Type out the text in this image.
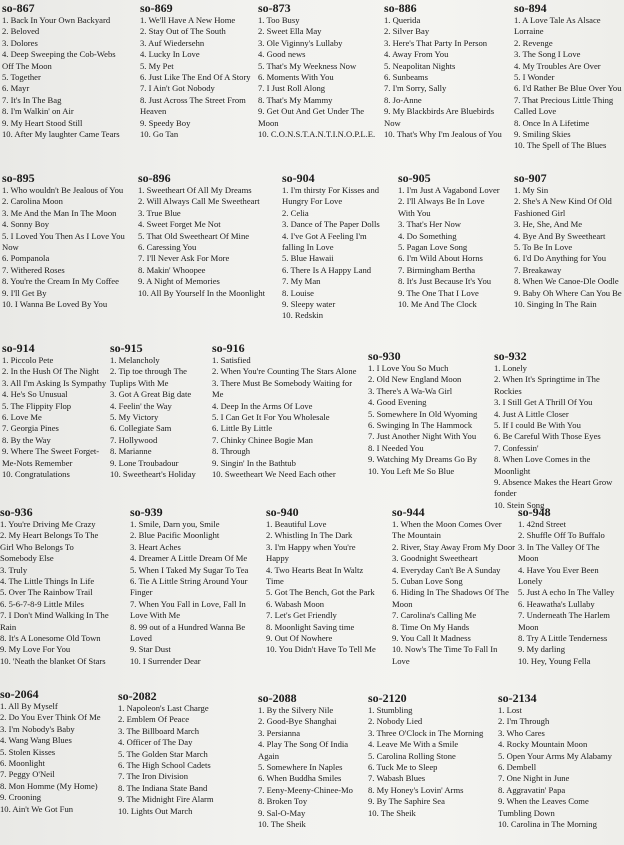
so-867
1. Back In Your Own Backyard
2. Beloved
3. Dolores
4. Deep Sweeping the Cob-Webs Off The Moon
5. Together
6. Mayr
7. It's In The Bag
8. I'm Walkin' on Air
9. My Heart Stood Still
10. After My laughter Came Tears
so-869
1. We'll Have A New Home
2. Stay Out of The South
3. Auf Wiedersehn
4. Lucky In Love
5. My Pet
6. Just Like The End Of A Story
7. I Ain't Got Nobody
8. Just Across The Street From Heaven
9. Speedy Boy
10. Go Tan
so-873
1. Too Busy
2. Sweet Ella May
3. Ole Viginny's Lullaby
4. Good news
5. That's My Weekness Now
6. Moments With You
7. I Just Roll Along
8. That's My Mammy
9. Get Out And Get Under The Moon
10. C.O.N.S.T.A.N.T.I.N.O.P.L.E.
so-886
1. Querida
2. Silver Bay
3. Here's That Party In Person
4. Away From You
5. Neapolitan Nights
6. Sunbeams
7. I'm Sorry, Sally
8. Jo-Anne
9. My Blackbirds Are Bluebirds Now
10. That's Why I'm Jealous of You
so-894
1. A Love Tale As Alsace Lorraine
2. Revenge
3. The Song I Love
4. My Troubles Are Over
5. I Wonder
6. I'd Rather Be Blue Over You
7. That Precious Little Thing Called Love
8. Once In A Lifetime
9. Smiling Skies
10. The Spell of The Blues
so-895
1. Who wouldn't Be Jealous of You
2. Carolina Moon
3. Me And the Man In The Moon
4. Sonny Boy
5. I Loved You Then As I Love You Now
6. Pompanola
7. Withered Roses
8. You're the Cream In My Coffee
9. I'll Get By
10. I Wanna Be Loved By You
so-896
1. Sweetheart Of All My Dreams
2. Will Always Call Me Sweetheart
3. True Blue
4. Sweet Forget Me Not
5. That Old Sweetheart Of Mine
6. Caressing You
7. I'll Never Ask For More
8. Makin' Whoopee
9. A Night of Memories
10. All By Yourself In the Moonlight
so-904
1. I'm thirsty For Kisses and Hungry For Love
2. Celia
3. Dance of The Paper Dolls
4. I've Got A Feeling I'm falling In Love
5. Blue Hawaii
6. There Is A Happy Land
7. My Man
8. Louise
9. Sleepy water
10. Redskin
so-905
1. I'm Just A Vagabond Lover
2. I'll Always Be In Love With You
3. That's Her Now
4. Do Something
5. Pagan Love Song
6. I'm Wild About Horns
7. Birmingham Bertha
8. It's Just Because It's You
9. The One That I Love
10. Me And The Clock
so-907
1. My Sin
2. She's A New Kind Of Old Fashioned Girl
3. He, She, And Me
4. Bye And By Sweetheart
5. To Be In Love
6. I'd Do Anything for You
7. Breakaway
8. When We Canoe-Dle Oodle
9. Baby Oh Where Can You Be
10. Singing In The Rain
so-914
1. Piccolo Pete
2. In the Hush Of The Night
3. All I'm Asking Is Sympathy
4. He's So Unusual
5. The Flippity Flop
6. Love Me
7. Georgia Pines
8. By the Way
9. Where The Sweet Forget-Me-Nots Remember
10. Congratulations
so-915
1. Melancholy
2. Tip toe through The Tuplips With Me
3. Got A Great Big date
4. Feelin' the Way
5. My Victory
6. Collegiate Sam
7. Hollywood
8. Marianne
9. Lone Troubadour
10. Sweetheart's Holiday
so-916
1. Satisfied
2. When You're Counting The Stars Alone
3. There Must Be Somebody Waiting for Me
4. Deep In the Arms Of Love
5. I Can Get It For You Wholesale
6. Little By Little
7. Chinky Chinee Bogie Man
8. Through
9. Singin' In the Bathtub
10. Sweetheart We Need Each other
so-930
1. I Love You So Much
2. Old New England Moon
3. There's A Wa-Wa Girl
4. Good Evening
5. Somewhere In Old Wyoming
6. Swinging In The Hammock
7. Just Another Night With You
8. I Needed You
9. Watching My Dreams Go By
10. You Left Me So Blue
so-932
1. Lonely
2. When It's Springtime in The Rockies
3. I Still Get A Thrill Of You
4. Just A Little Closer
5. If I could Be With You
6. Be Careful With Those Eyes
7. Confessin'
8. When Love Comes in the Moonlight
9. Absence Makes the Heart Grow fonder
10. Stein Song
so-936
1. You're Driving Me Crazy
2. My Heart Belongs To The Girl Who Belongs To Somebody Else
3. Truly
4. The Little Things In Life
5. Over The Rainbow Trail
6. 5-6-7-8-9 Little Miles
7. I Don't Mind Walking In The Rain
8. It's A Lonesome Old Town
9. My Love For You
10. 'Neath the blanket Of Stars
so-939
1. Smile, Darn you, Smile
2. Blue Pacific Moonlight
3. Heart Aches
4. Dreamer A Little Dream Of Me
5. When I Taked My Sugar To Tea
6. Tie A Little String Around Your Finger
7. When You Fall in Love, Fall In Love With Me
8. 99 out of a Hundred Wanna Be Loved
9. Star Dust
10. I Surrender Dear
so-940
1. Beautiful Love
2. Whistling In The Dark
3. I'm Happy when You're Happy
4. Two Hearts Beat In Waltz Time
5. Got The Bench, Got the Park
6. Wabash Moon
7. Let's Get Friendly
8. Moonlight Saving time
9. Out Of Nowhere
10. You Didn't Have To Tell Me
so-944
1. When the Moon Comes Over The Mountain
2. River, Stay Away From My Door
3. Goodnight Sweetheart
4. Everyday Can't Be A Sunday
5. Cuban Love Song
6. Hiding In The Shadows Of The Moon
7. Carolina's Calling Me
8. Time On My Hands
9. You Call It Madness
10. Now's The Time To Fall In Love
so-948
1. 42nd Street
2. Shuffle Off To Buffalo
3. In The Valley Of The Moon
4. Have You Ever Been Lonely
5. Just A echo In The Valley
6. Heawatha's Lullaby
7. Underneath The Harlem Moon
8. Try A Little Tenderness
9. My darling
10. Hey, Young Fella
so-2064
1. All By Myself
2. Do You Ever Think Of Me
3. I'm Nobody's Baby
4. Wang Wang Blues
5. Stolen Kisses
6. Moonlight
7. Peggy O'Neil
8. Mon Homme (My Home)
9. Crooning
10. Ain't We Got Fun
so-2082
1. Napoleon's Last Charge
2. Emblem Of Peace
3. The Billboard March
4. Officer of The Day
5. The Golden Star March
6. The High School Cadets
7. The Iron Division
8. The Indiana State Band
9. The Midnight Fire Alarm
10. Lights Out March
so-2088
1. By the Silvery Nile
2. Good-Bye Shanghai
3. Persianna
4. Play The Song Of India Again
5. Somewhere In Naples
6. When Buddha Smiles
7. Eeny-Meeny-Chinee-Mo
8. Broken Toy
9. Sal-O-May
10. The Sheik
so-2120
1. Stumbling
2. Nobody Lied
3. Three O'Clock in The Morning
4. Leave Me With a Smile
5. Carolina Rolling Stone
6. Tuck Me to Sleep
7. Wabash Blues
8. My Honey's Lovin' Arms
9. By The Saphire Sea
10. The Sheik
so-2134
1. Lost
2. I'm Through
3. Who Cares
4. Rocky Mountain Moon
5. Open Your Arms My Alabamy
6. Dembell
7. One Night in June
8. Aggravatin' Papa
9. When the Leaves Come Tumbling Down
10. Carolina in The Morning
